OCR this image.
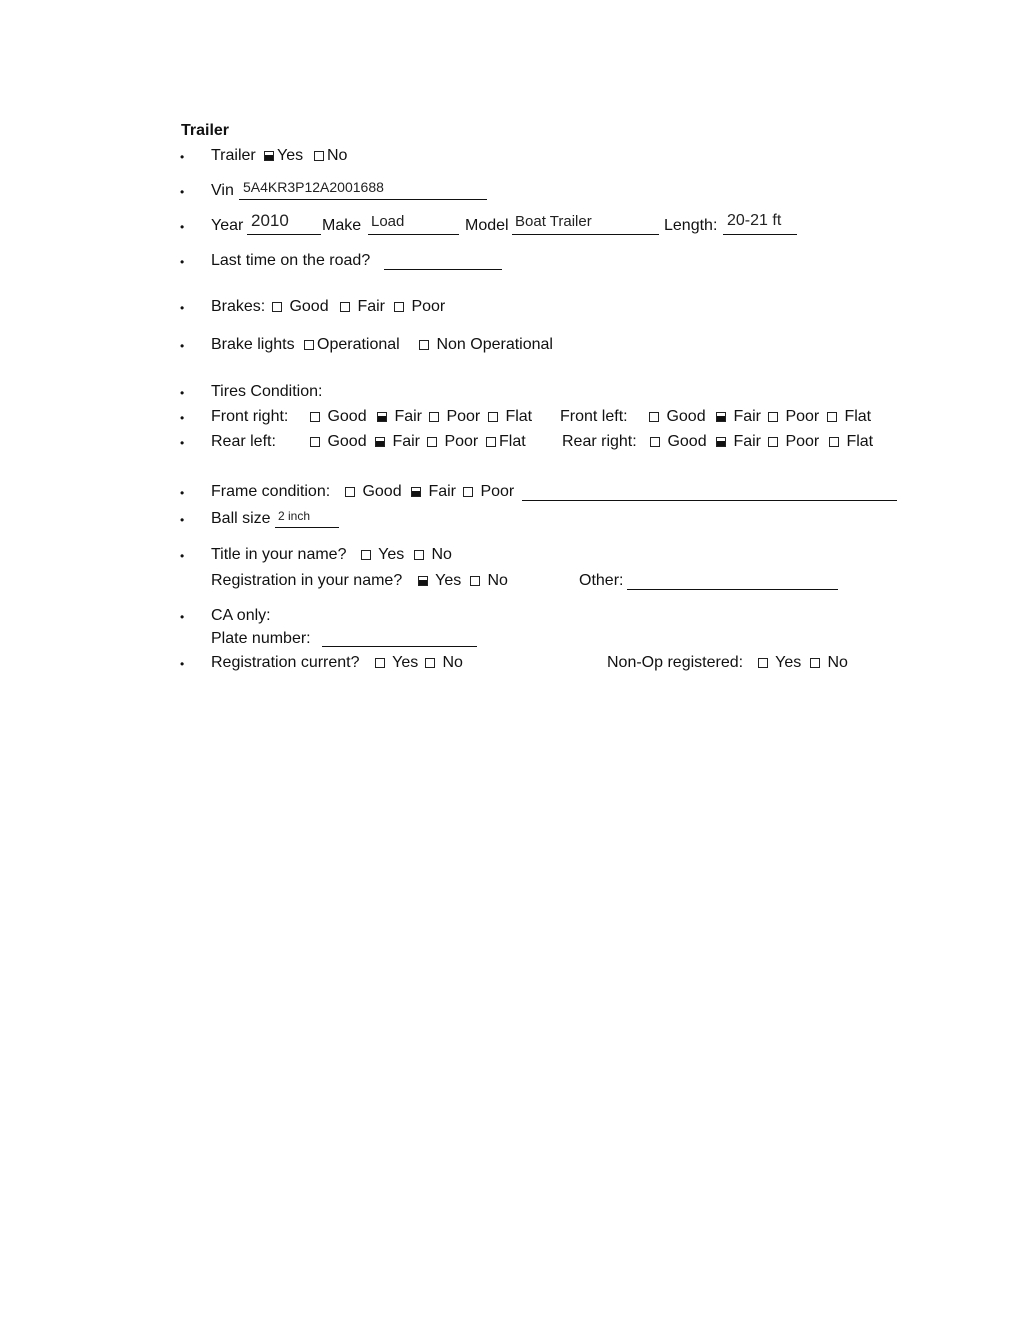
Trailer
• Trailer	Yes	No
• Vin 5A4KR3P12A2001688
• Year	Make	Model	Length:
2010	Load	Boat Trailer	20-21 ft
• Last time on the road?
• Brakes:	Good	Fair	Poor
• Brake lights	Operational	Non Operational
• Tires Condition:
• Front right:	Good	Fair	Poor	Flat Front left:	Good	Fair	Poor	Flat
• Rear left:	Good	Fair	Poor	Flat Rear right:	Good	Fair	Poor	Flat
• Frame condition:	Good	Fair	Poor
• Ball size 2 inch
• Title in your name?	Yes	No
Registration in your name?	Yes	No	Other:
• CA only:
Plate number:
• Registration current?	Yes	No	Non-Op registered:	Yes	No
